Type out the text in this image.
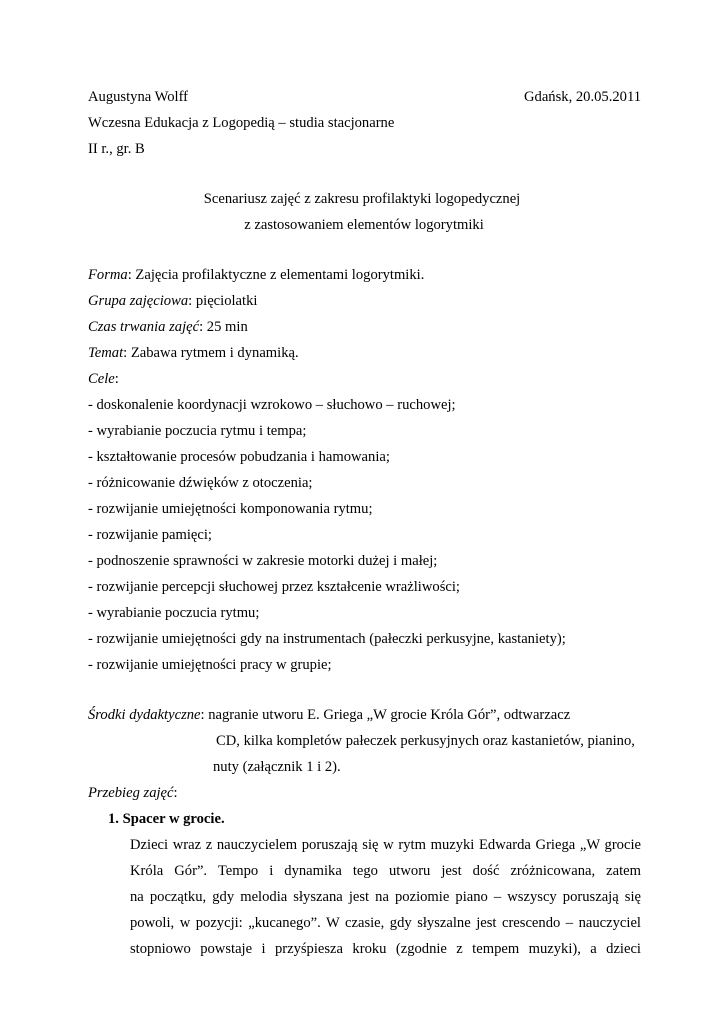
Augustyna Wolff	Gdańsk, 20.05.2011
Wczesna Edukacja z Logopedią – studia stacjonarne
II r., gr. B
Scenariusz zajęć z zakresu profilaktyki logopedycznej
z zastosowaniem elementów logorytmiki
Forma: Zajęcia profilaktyczne z elementami logorytmiki.
Grupa zajęciowa: pięciolatki
Czas trwania zajęć: 25 min
Temat: Zabawa rytmem i dynamiką.
Cele:
- doskonalenie koordynacji wzrokowo – słuchowo – ruchowej;
- wyrabianie poczucia rytmu i tempa;
- kształtowanie procesów pobudzania i hamowania;
- różnicowanie dźwięków z otoczenia;
- rozwijanie umiejętności komponowania rytmu;
- rozwijanie pamięci;
- podnoszenie sprawności w zakresie motorki dużej i małej;
- rozwijanie percepcji słuchowej przez kształcenie wrażliwości;
- wyrabianie poczucia rytmu;
- rozwijanie umiejętności gdy na instrumentach (pałeczki perkusyjne, kastaniety);
- rozwijanie umiejętności pracy w grupie;
Środki dydaktyczne: nagranie utworu E. Griega „W grocie Króla Gór”, odtwarzacz
CD, kilka kompletów pałeczek perkusyjnych oraz kastanietów, pianino,
nuty (załącznik 1 i 2).
Przebieg zajęć:
1. Spacer w grocie.
Dzieci wraz z nauczycielem poruszają się w rytm muzyki Edwarda Griega „W grocie
Króla Gór”. Tempo i dynamika tego utworu jest dość zróżnicowana, zatem
na początku, gdy melodia słyszana jest na poziomie piano – wszyscy poruszają się
powoli, w pozycji: „kucanego”. W czasie, gdy słyszalne jest crescendo – nauczyciel
stopniowo powstaje i przyśpiesza kroku (zgodnie z tempem muzyki), a dzieci
